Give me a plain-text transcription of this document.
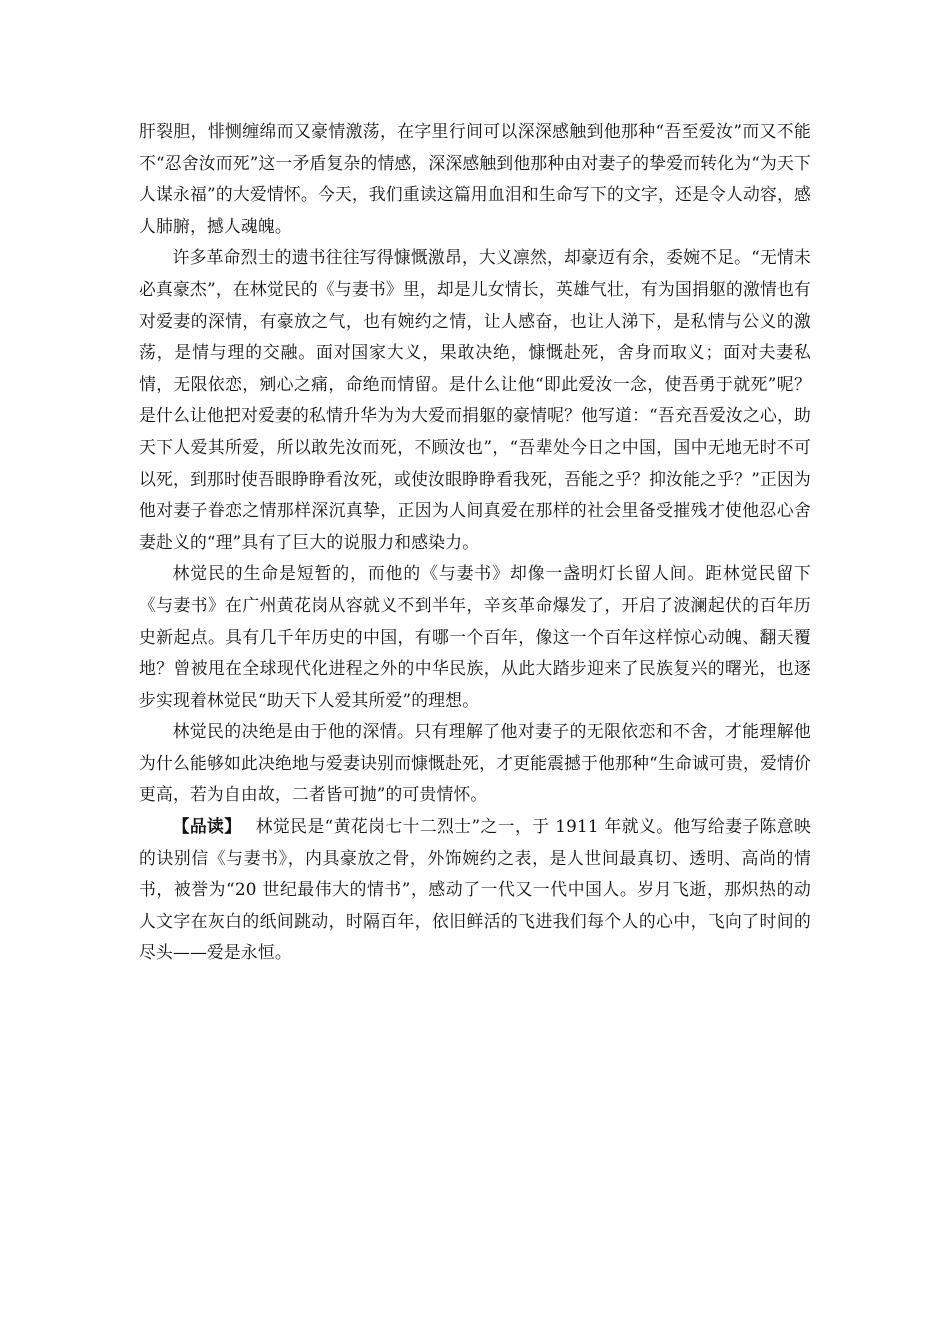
肝裂胆，悱恻缠绵而又豪情激荡，在字里行间可以深深感触到他那种“吾至爱汝”而又不能不“忍舍汝而死”这一矛盾复杂的情感，深深感触到他那种由对妻子的挚爱而转化为“为天下人谋永福”的大爱情怀。今天，我们重读这篇用血泪和生命写下的文字，还是令人动容，感人肺腑，撼人魂魄。

许多革命烈士的遗书往往写得慷慨激昂，大义凛然，却豪迈有余，委婉不足。“无情未必真豪杰”，在林觉民的《与妻书》里，却是儿女情长，英雄气壮，有为国捐躯的激情也有对爱妻的深情，有豪放之气，也有婉约之情，让人感奋，也让人涕下，是私情与公义的激荡，是情与理的交融。面对国家大义，果敢决绝，慷慨赴死，舍身而取义；面对夫妻私情，无限依恋，剜心之痛，命绝而情留。是什么让他“即此爱汝一念，使吾勇于就死”呢？是什么让他把对爱妻的私情升华为为大爱而捐躯的豪情呢？他写道：“吾充吾爱汝之心，助天下人爱其所爱，所以敢先汝而死，不顾汝也”，“吾辈处今日之中国，国中无地无时不可以死，到那时使吾眼睁睁看汝死，或使汝眼睁睁看我死，吾能之乎？抑汝能之乎？”正因为他对妻子眷恋之情那样深沉真挚，正因为人间真爱在那样的社会里备受摧残才使他忍心舍妻赴义的“理”具有了巨大的说服力和感染力。

林觉民的生命是短暂的，而他的《与妻书》却像一盏明灯长留人间。距林觉民留下《与妻书》在广州黄花岗从容就义不到半年，辛亥革命爆发了，开启了波澜起伏的百年历史新起点。具有几千年历史的中国，有哪一个百年，像这一个百年这样惊心动魄、翻天覆地？曾被甩在全球现代化进程之外的中华民族，从此大踏步迎来了民族复兴的曙光，也逐步实现着林觉民“助天下人爱其所爱”的理想。

林觉民的决绝是由于他的深情。只有理解了他对妻子的无限依恋和不舍，才能理解他为什么能够如此决绝地与爱妻诀别而慷慨赴死，才更能震撼于他那种“生命诚可贵，爱情价更高，若为自由故，二者皆可抛”的可贵情怀。

【品读】 林觉民是“黄花岗七十二烈士”之一，于 1911 年就义。他写给妻子陈意映的诀别信《与妻书》，内具豪放之骨，外饰婉约之表，是人世间最真切、透明、高尚的情书，被誉为“20 世纪最伟大的情书”，感动了一代又一代中国人。岁月飞逝，那炽热的动人文字在灰白的纸间跳动，时隔百年，依旧鲜活的飞进我们每个人的心中，飞向了时间的尽头——爱是永恒。
